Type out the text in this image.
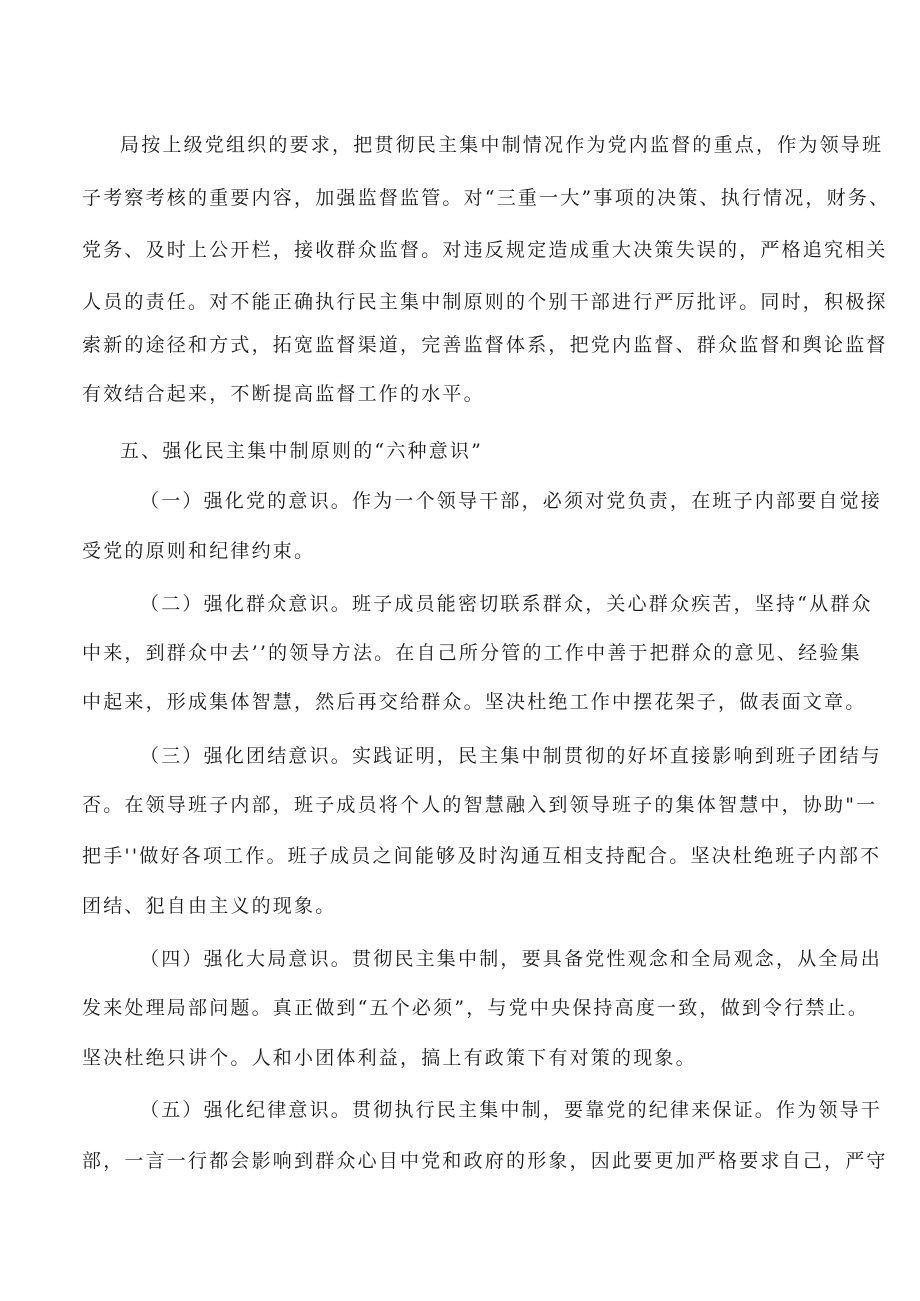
局按上级党组织的要求，把贯彻民主集中制情况作为党内监督的重点，作为领导班

子考察考核的重要内容，加强监督监管。对“三重一大”事项的决策、执行情况，财务、

党务、及时上公开栏，接收群众监督。对违反规定造成重大决策失误的，严格追究相关

人员的责任。对不能正确执行民主集中制原则的个别干部进行严厉批评。同时，积极探

索新的途径和方式，拓宽监督渠道，完善监督体系，把党内监督、群众监督和舆论监督

有效结合起来，不断提高监督工作的水平。

五、强化民主集中制原则的“六种意识”

（一）强化党的意识。作为一个领导干部，必须对党负责，在班子内部要自觉接

受党的原则和纪律约束。

（二）强化群众意识。班子成员能密切联系群众，关心群众疾苦，坚持“从群众

中来，到群众中去’’的领导方法。在自己所分管的工作中善于把群众的意见、经验集

中起来，形成集体智慧，然后再交给群众。坚决杜绝工作中摆花架子，做表面文章。

（三）强化团结意识。实践证明，民主集中制贯彻的好坏直接影响到班子团结与

否。在领导班子内部，班子成员将个人的智慧融入到领导班子的集体智慧中，协助"一

把手''做好各项工作。班子成员之间能够及时沟通互相支持配合。坚决杜绝班子内部不

团结、犯自由主义的现象。

（四）强化大局意识。贯彻民主集中制，要具备党性观念和全局观念，从全局出

发来处理局部问题。真正做到“五个必须”，与党中央保持高度一致，做到令行禁止。

坚决杜绝只讲个。人和小团体利益，搞上有政策下有对策的现象。

（五）强化纪律意识。贯彻执行民主集中制，要靠党的纪律来保证。作为领导干

部，一言一行都会影响到群众心目中党和政府的形象，因此要更加严格要求自己，严守
